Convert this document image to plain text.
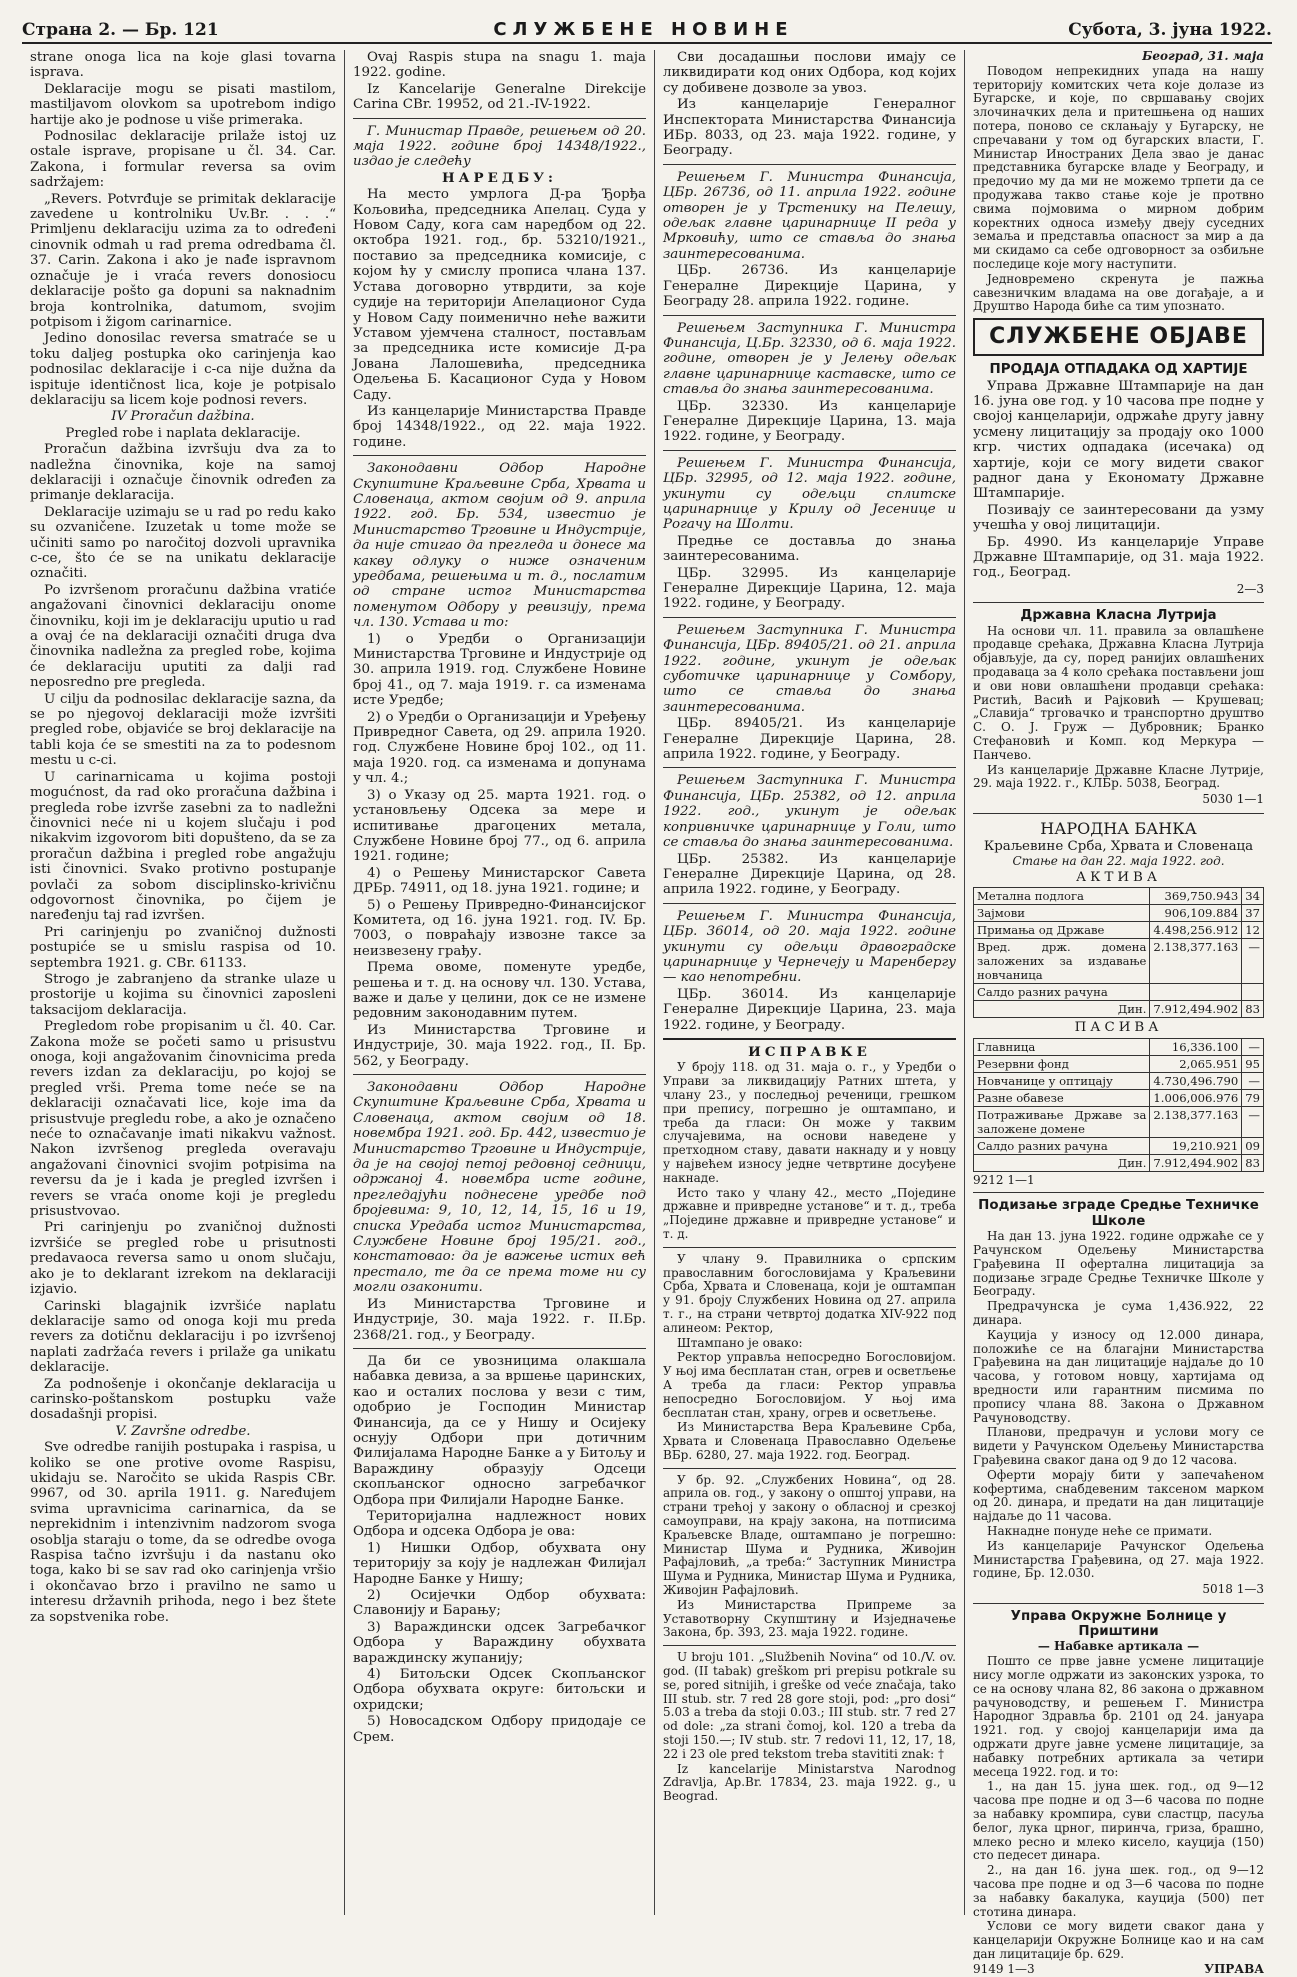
Страна 2. — Бр. 121	СЛУЖБЕНЕ НОВИНЕ	Субота, 3. јуна 1922.

strane onoga lica na koje glasi tovarna isprava.

Deklaracije mogu se pisati mastilom, mastiljavom olovkom sa upotrebom indigo hartije ako je podnose u više primeraka.

Podnosilac deklaracije prilaže istoj uz ostale isprave, propisane u čl. 34. Car. Zakona, i formular reversa sa ovim sadržajem:

„Revers. Potvrđuje se primitak deklaracije zavedene u kontrolniku Uv.Br. . . .“ Primljenu deklaraciju uzima za to određeni cinovnik odmah u rad prema odredbama čl. 37. Carin. Zakona i ako je nađe ispravnom označuje je i vraća revers donosiocu deklaracije pošto ga dopuni sa naknadnim broja kontrolnika, datumom, svojim potpisom i žigom carinarnice.

Jedino donosilac reversa smatraće se u toku daljeg postupka oko carinjenja kao podnosilac deklaracije i c-ca nije dužna da ispituje identičnost lica, koje je potpisalo deklaraciju sa licem koje podnosi revers.

IV Proračun dažbina.

Pregled robe i naplata deklaracije.

Proračun dažbina izvršuju dva za to nadležna činovnika, koje na samoj deklaraciji i označuje činovnik određen za primanje deklaracija.

Deklaracije uzimaju se u rad po redu kako su ozvaničene. Izuzetak u tome može se učiniti samo po naročitoj dozvoli upravnika c-ce, što će se na unikatu deklaracije označiti.

Po izvršenom proračunu dažbina vratiće angažovani činovnici deklaraciju onome činovniku, koji im je deklaraciju uputio u rad a ovaj će na deklaraciji označiti druga dva činovnika nadležna za pregled robe, kojima će deklaraciju uputiti za dalji rad neposredno pre pregleda.

U cilju da podnosilac deklaracije sazna, da se po njegovoj deklaraciji može izvršiti pregled robe, objaviće se broj deklaracije na tabli koja će se smestiti na za to podesnom mestu u c-ci.

U carinarnicama u kojima postoji mogućnost, da rad oko proračuna dažbina i pregleda robe izvrše zasebni za to nadležni činovnici neće ni u kojem slučaju i pod nikakvim izgovorom biti dopušteno, da se za proračun dažbina i pregled robe angažuju isti činovnici. Svako protivno postupanje povlači za sobom disciplinsko-krivičnu odgovornost činovnika, po čijem je naređenju taj rad izvršen.

Pri carinjenju po zvaničnoj dužnosti postupiće se u smislu raspisa od 10. septembra 1921. g. CBr. 61133.

Strogo je zabranjeno da stranke ulaze u prostorije u kojima su činovnici zaposleni taksacijom deklaracija.

Pregledom robe propisanim u čl. 40. Car. Zakona može se početi samo u prisustvu onoga, koji angažovanim činovnicima preda revers izdan za deklaraciju, po kojoj se pregled vrši. Prema tome neće se na deklaraciji označavati lice, koje ima da prisustvuje pregledu robe, a ako je označeno neće to označavanje imati nikakvu važnost. Nakon izvršenog pregleda overavaju angažovani činovnici svojim potpisima na reversu da je i kada je pregled izvršen i revers se vraća onome koji je pregledu prisustvovao.

Pri carinjenju po zvaničnoj dužnosti izvršiće se pregled robe u prisutnosti predavaoca reversa samo u onom slučaju, ako je to deklarant izrekom na deklaraciji izjavio.

Carinski blagajnik izvršiće naplatu deklaracije samo od onoga koji mu preda revers za dotičnu deklaraciju i po izvršenoj naplati zadržaća revers i prilaže ga unikatu deklaracije.

Za podnošenje i okončanje deklaracija u carinsko-poštanskom postupku važe dosadašnji propisi.

V. Završne odredbe.

Sve odredbe ranijih postupaka i raspisa, u koliko se one protive ovome Raspisu, ukidaju se. Naročito se ukida Raspis CBr. 9967, od 30. aprila 1911. g. Naređujem svima upravnicima carinarnica, da se neprekidnim i intenzivnim nadzorom svoga osoblja staraju o tome, da se odredbe ovoga Raspisa tačno izvršuju i da nastanu oko toga, kako bi se sav rad oko carinjenja vršio i okončavao brzo i pravilno ne samo u interesu državnih prihoda, nego i bez štete za sopstvenika robe.

Ovaj Raspis stupa na snagu 1. maja 1922. godine.

Iz Kancelarije Generalne Direkcije Carina CBr. 19952, od 21.-IV-1922.

Г. Министар Правде, решењем од 20. маја 1922. године број 14348/1922., издао је следећу

НАРЕДБУ:

На место умрлога Д-ра Ђорђа Кољовића, председника Апелац. Суда у Новом Саду, кога сам наредбом од 22. октобра 1921. год., бр. 53210/1921., поставио за председника комисије, с којом ћу у смислу прописа члана 137. Устава договорно утврдити, за које судије на територији Апелационог Суда у Новом Саду поименично неће важити Уставом ујемчена сталност, постављам за председника исте комисије Д-ра Јована Лалошевића, председника Одељења Б. Касационог Суда у Новом Саду.

Из канцеларије Министарства Правде број 14348/1922., од 22. маја 1922. године.

Законодавни Одбор Народне Скупштине Краљевине Срба, Хрвата и Словенаца, актом својим од 9. априла 1922. год. Бр. 534, известио је Министарство Трговине и Индустрије, да није стигао да прегледа и донесе ма какву одлуку о ниже означеним уредбама, решењима и т. д., послатим од стране истог Министарства поменутом Одбору у ревизију, према чл. 130. Устава и то:

1) о Уредби о Организацији Министарства Трговине и Индустрије од 30. априла 1919. год. Службене Новине број 41., од 7. маја 1919. г. са изменама исте Уредбе;

2) о Уредби о Организацији и Уређењу Привредног Савета, од 29. априла 1920. год. Службене Новине број 102., од 11. маја 1920. год. са изменама и допунама у чл. 4.;

3) о Указу од 25. марта 1921. год. о установљењу Одсека за мере и испитивање драгоцених метала, Службене Новине број 77., од 6. априла 1921. године;

4) о Решењу Министарског Савета ДРБр. 74911, од 18. јуна 1921. године; и

5) о Решењу Привредно-Финансијског Комитета, од 16. јуна 1921. год. IV. Бр. 7003, о повраћају извозне таксе за неизвезену грађу.

Према овоме, поменуте уредбе, решења и т. д. на основу чл. 130. Устава, важе и даље у целини, док се не измене редовним законодавним путем.

Из Министарства Трговине и Индустрије, 30. маја 1922. год., II. Бр. 562, у Београду.

Законодавни Одбор Народне Скупштине Краљевине Срба, Хрвата и Словенаца, актом својим од 18. новембра 1921. год. Бр. 442, известио је Министарство Трговине и Индустрије, да је на својој петој редовној седници, одржаној 4. новембра исте године, прегледајући поднесене уредбе под бројевима: 9, 10, 12, 14, 15, 16 и 19, списка Уредаба истог Министарства, Службене Новине број 195/21. год., констатовао: да је важење истих већ престало, те да се према томе ни су могли озаконити.

Из Министарства Трговине и Индустрије, 30. маја 1922. г. II.Бр. 2368/21. год., у Београду.

Да би се увозницима олакшала набавка девиза, а за вршење царинских, као и осталих послова у вези с тим, одобрио је Господин Министар Финансија, да се у Нишу и Осијеку оснују Одбори при дотичним Филијалама Народне Банке а у Битољу и Вараждину образују Одсеци скопљанског односно загребачког Одбора при Филијали Народне Банке.

Територијална надлежност нових Одбора и одсека Одбора је ова:

1) Нишки Одбор, обухвата ону територију за коју је надлежан Филијал Народне Банке у Нишу;

2) Осијечки Одбор обухвата: Славонију и Барању;

3) Вараждински одсек Загребачког Одбора у Вараждину обухвата вараждинску жупанију;

4) Битољски Одсек Скопљанског Одбора обухвата округе: битољски и охридски;

5) Новосадском Одбору придодаје се Срем.

Сви досадашњи послови имају се ликвидирати код оних Одбора, код којих су добивене дозволе за увоз.

Из канцеларије Генералног Инспектората Министарства Финансија ИБр. 8033, од 23. маја 1922. године, у Београду.

Решењем Г. Министра Финансија, ЦБр. 26736, од 11. априла 1922. године отворен је у Трстенику на Пелешу, одељак главне царинарнице II реда у Мрковићу, што се ставља до знања заинтересованима.

ЦБр. 26736. Из канцеларије Генералне Дирекције Царина, у Београду 28. априла 1922. године.

Решењем Заступника Г. Министра Финансија, Ц.Бр. 32330, од 6. маја 1922. године, отворен је у Јелењу одељак главне царинарнице каставске, што се ставља до знања заинтересованима.

ЦБр. 32330. Из канцеларије Генералне Дирекције Царина, 13. маја 1922. године, у Београду.

Решењем Г. Министра Финансија, ЦБр. 32995, од 12. маја 1922. године, укинути су одељци сплитске царинарнице у Крилу од Јесенице и Рогачу на Шолти.

Предње се доставља до знања заинтересованима.

ЦБр. 32995. Из канцеларије Генералне Дирекције Царина, 12. маја 1922. године, у Београду.

Решењем Заступника Г. Министра Финансија, ЦБр. 89405/21. од 21. априла 1922. године, укинут је одељак суботичке царинарнице у Сомбору, што се ставља до знања заинтересованима.

ЦБр. 89405/21. Из канцеларије Генералне Дирекције Царина, 28. априла 1922. године, у Београду.

Решењем Заступника Г. Министра Финансија, ЦБр. 25382, од 12. априла 1922. год., укинут је одељак копривничке царинарнице у Голи, што се ставља до знања заинтересованима.

ЦБр. 25382. Из канцеларије Генералне Дирекције Царина, од 28. априла 1922. године, у Београду.

Решењем Г. Министра Финансија, ЦБр. 36014, од 20. маја 1922. године укинути су одељци дравоградске царинарнице у Чернечеју и Маренбергу — као непотребни.

ЦБр. 36014. Из канцеларије Генералне Дирекције Царина, 23. маја 1922. године, у Београду.

ИСПРАВКЕ

У броју 118. од 31. маја о. г., у Уредби о Управи за ликвидацију Ратних штета, у члану 23., у последњој реченици, грешком при препису, погрешно је оштампано, и треба да гласи: Он може у таквим случајевима, на основи наведене у претходном ставу, давати накнаду и у новцу у највећем износу једне четвртине досуђене накнаде.

Исто тако у члану 42., место „Поједине државне и привредне установе“ и т. д., треба „Поједине државне и привредне установе“ и т. д.

У члану 9. Правилника о српским православним богословијама у Краљевини Срба, Хрвата и Словенаца, који је оштампан у 91. броју Службених Новина од 27. априла т. г., на страни четвртој додатка XIV-922 под алинеом: Ректор,

Штампано је овако:

Ректор управља непосредно Богословијом. У њој има бесплатан стан, огрев и осветљење А треба да гласи: Ректор управља непосредно Богословијом. У њој има бесплатан стан, храну, огрев и осветљење.

Из Министарства Вера Краљевине Срба, Хрвата и Словенаца Православно Одељење ВБр. 6280, 27. маја 1922. год. Београд.

У бр. 92. „Службених Новина“, од 28. априла ов. год., у закону о општој управи, на страни трећој у закону о обласној и срезкој самоуправи, на крају закона, на потписима Краљевске Владе, оштампано је погрешно: Министар Шума и Рудника, Живојин Рафајловић, „а треба:“ Заступник Министра Шума и Рудника, Министар Шума и Рудника, Живојин Рафајловић.

Из Министарства Припреме за Уставотворну Скупштину и Изједначење Закона, бр. 393, 23. маја 1922. године.

U broju 101. „Službenih Novina“ od 10./V. ov. god. (II tabak) greškom pri prepisu potkrale su se, pored sitnijih, i greške od veće značaja, tako III stub. str. 7 red 28 gore stoji, pod: „pro dosi“ 5.03 a treba da stoji 0.03.; III stub. str. 7 red 27 od dole: „za strani čomoj, kol. 120 a treba da stoji 150.—; IV stub. str. 7 redovi 11, 12, 17, 18, 22 i 23 ole pred tekstom treba stavititi znak: †

Iz kancelarije Ministarstva Narodnog Zdravlja, Ap.Br. 17834, 23. maja 1922. g., u Beograd.

Београд, 31. маја

Поводом непрекидних упада на нашу територију комитских чета које долазе из Бугарске, и које, по свршавању својих злочиначких дела и притешњена од наших потера, поново се склањају у Бугарску, не спречавани у том од бугарских власти, Г. Министар Иностраних Дела звао је данас представника бугарске владе у Београду, и предочио му да ми не можемо трпети да се продужава такво стање које је протвно свима појмовима о мирном добрим коректних односа између двеју суседних земаља и представља опасност за мир а да ми скидамо са себе одговорност за озбиљне последице које могу наступити.

Једновремено скренута је пажња савезничким владама на ове догађаје, а и Друштво Народа биће са тим упознато.

СЛУЖБЕНЕ ОБЈАВЕ

ПРОДАЈА ОТПАДАКА ОД ХАРТИЈЕ

Управа Државне Штампарије на дан 16. јуна ове год. у 10 часова пре подне у својој канцеларији, одржаће другу јавну усмену лицитацију за продају око 1000 кгр. чистих одпадака (исечака) од хартије, који се могу видети сваког радног дана у Економату Државне Штампарије.

Позивају се заинтересовани да узму учешћа у овој лицитацији.

Бр. 4990. Из канцеларије Управе Државне Штампарије, од 31. маја 1922. год., Београд.

2—3

Државна Класна Лутрија

На основи чл. 11. правила за овлашћене продавце срећака, Државна Класна Лутрија објављује, да су, поред ранијих овлашћених продаваца за 4 коло срећака постављени још и ови нови овлашћени продавци срећака: Ристић, Васић и Рајковић — Крушевац; „Славија“ трговачко и транспортно друштво С. О. Ј. Груж — Дубровник; Бранко Стефановић и Комп. код Меркура — Панчево.

Из канцеларије Државне Класне Лутрије, 29. маја 1922. г., КЛБр. 5038, Београд.

5030 1—1

НАРОДНА БАНКА

Краљевине Срба, Хрвата и Словенаца

Стање на дан 22. маја 1922. год.

АКТИВА

Метална подлога	369,750.943	34
Зајмови	906,109.884	37
Примања од Државе	4.498,256.912	12
Вред. држ. домена заложених за издавање новчаница	2.138,377.163	—
Салдо разних рачуна		
Дин.	7.912,494.902	83

ПАСИВА

Главница	16,336.100	—
Резервни фонд	2,065.951	95
Новчанице у оптицају	4.730,496.790	—
Разне обавезе	1.006,006.976	79
Потраживање Државе за заложене домене	2.138,377.163	—
Салдо разних рачуна	19,210.921	09
Дин.	7.912,494.902	83

9212 1—1

Подизање зграде Средње Техничке Школе

На дан 13. јуна 1922. године одржаће се у Рачунском Одељењу Министарства Грађевина II офертална лицитација за подизање зграде Средње Техничке Школе у Београду.

Предрачунска је сума 1,436.922, 22 динара.

Кауција у износу од 12.000 динара, положиће се на благајни Министарства Грађевина на дан лицитације најдаље до 10 часова, у готовом новцу, хартијама од вредности или гарантним писмима по пропису члана 88. Закона о Државном Рачуноводству.

Планови, предрачун и услови могу се видети у Рачунском Одељењу Министарства Грађевина сваког дана од 9 до 12 часова.

Оферти морају бити у запечаћеном кофертима, снабдевеним таксеном марком од 20. динара, и предати на дан лицитације најдаље до 11 часова.

Накнадне понуде неће се примати.

Из канцеларије Рачунског Одељења Министарства Грађевина, од 27. маја 1922. године, Бр. 12.030.

5018 1—3

Управа Окружне Болнице у Приштини

— Набавке артикала —

Пошто се прве јавне усмене лицитације нису могле одржати из законских узрока, то се на основу члана 82, 86 закона о државном рачуноводству, и решењем Г. Министра Народног Здравља бр. 2101 од 24. јануара 1921. год. у својој канцеларији има да одржати друге јавне усмене лицитације, за набавку потребних артикала за четири месеца 1922. год. и то:

1., на дан 15. јуна шек. год., од 9—12 часова пре подне и од 3—6 часова по подне за набавку кромпира, суви сластцр, пасуља белог, лука црног, пиринча, гриза, брашно, млеко ресно и млеко кисело, кауција (150) сто педесет динара.

2., на дан 16. јуна шек. год., од 9—12 часова пре подне и од 3—6 часова по подне за набавку бакалука, кауција (500) пет стотина динара.

Услови се могу видети сваког дана у канцеларији Окружне Болнице као и на сам дан лицитације бр. 629.

9149 1—3	УПРАВА
